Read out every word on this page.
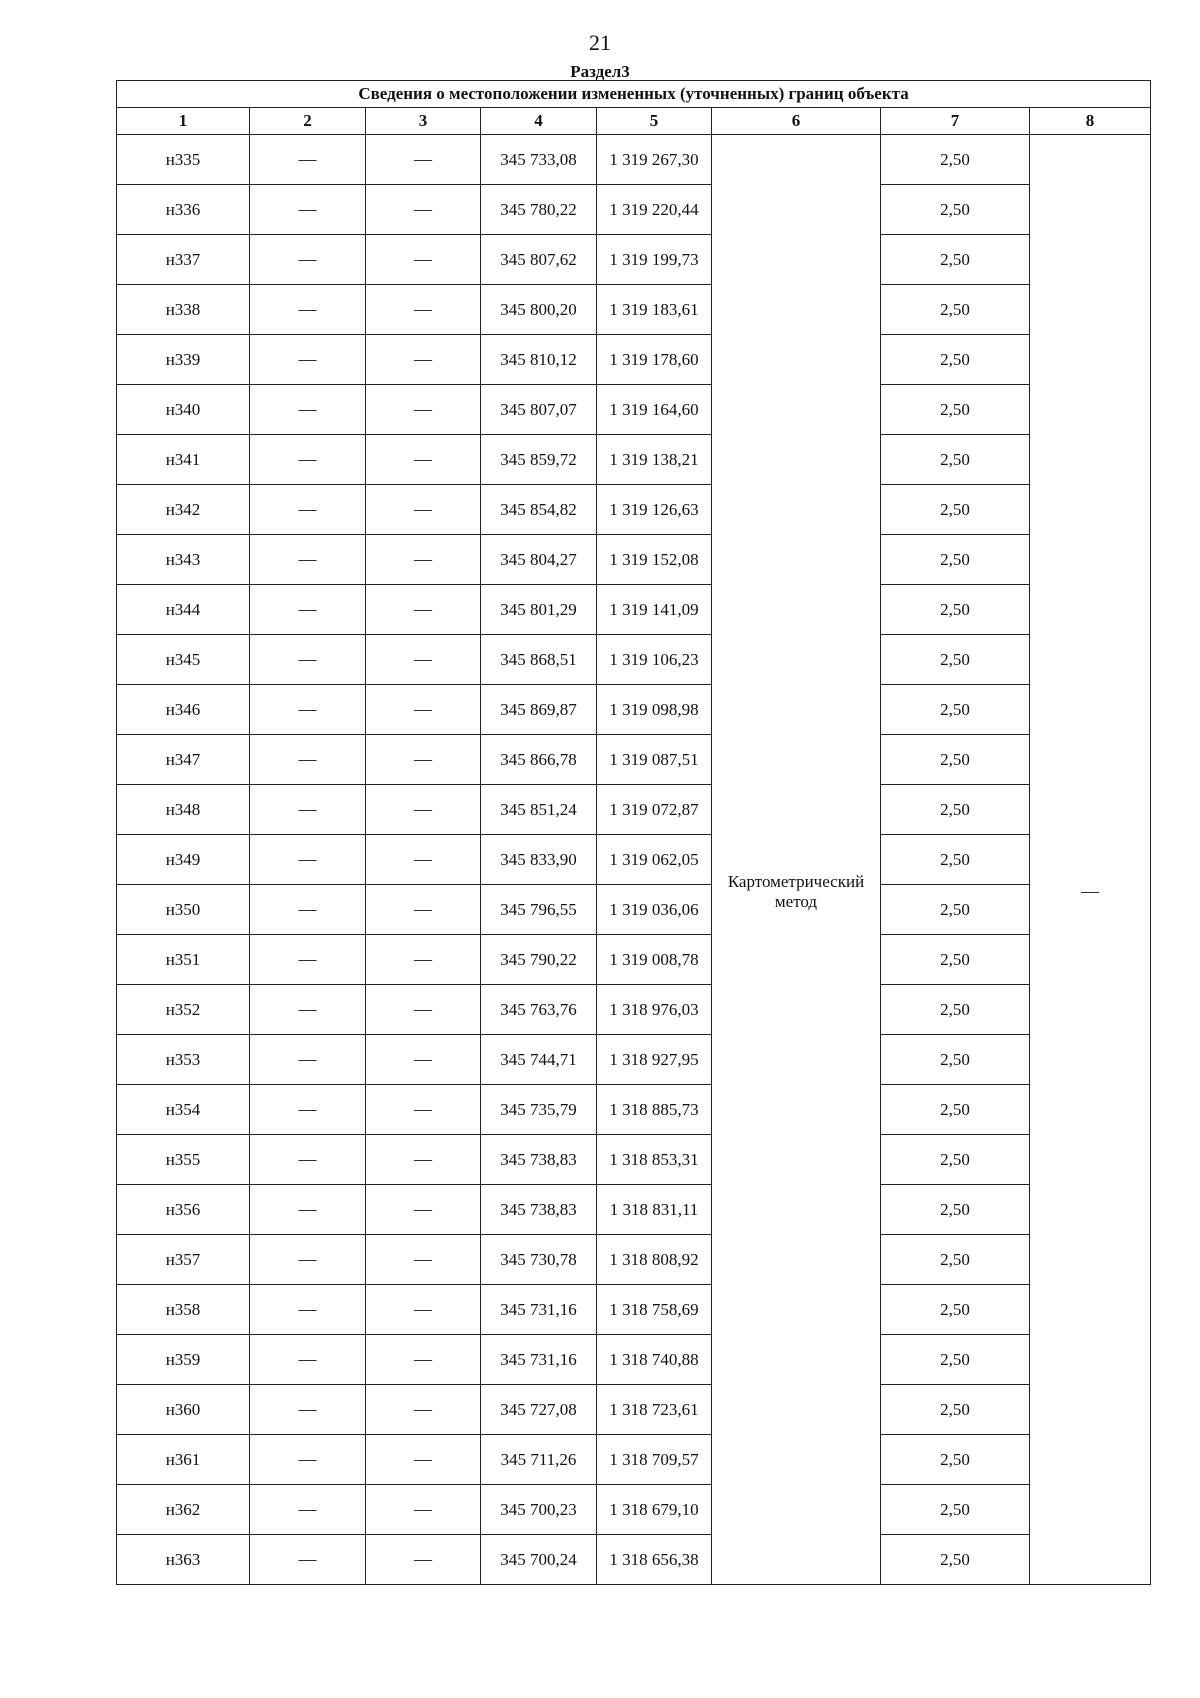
21
Раздел3
Сведения о местоположении измененных (уточненных) границ объекта							
1	2	3	4	5	6	7	8
н335	—	—	345 733,08	1 319 267,30	Картометрический метод	2,50	—
н336	—	—	345 780,22	1 319 220,44		2,50	
н337	—	—	345 807,62	1 319 199,73		2,50	
н338	—	—	345 800,20	1 319 183,61		2,50	
н339	—	—	345 810,12	1 319 178,60		2,50	
н340	—	—	345 807,07	1 319 164,60		2,50	
н341	—	—	345 859,72	1 319 138,21		2,50	
н342	—	—	345 854,82	1 319 126,63		2,50	
н343	—	—	345 804,27	1 319 152,08		2,50	
н344	—	—	345 801,29	1 319 141,09		2,50	
н345	—	—	345 868,51	1 319 106,23		2,50	
н346	—	—	345 869,87	1 319 098,98		2,50	
н347	—	—	345 866,78	1 319 087,51		2,50	
н348	—	—	345 851,24	1 319 072,87		2,50	
н349	—	—	345 833,90	1 319 062,05		2,50	
н350	—	—	345 796,55	1 319 036,06		2,50	
н351	—	—	345 790,22	1 319 008,78		2,50	
н352	—	—	345 763,76	1 318 976,03		2,50	
н353	—	—	345 744,71	1 318 927,95		2,50	
н354	—	—	345 735,79	1 318 885,73		2,50	
н355	—	—	345 738,83	1 318 853,31		2,50	
н356	—	—	345 738,83	1 318 831,11		2,50	
н357	—	—	345 730,78	1 318 808,92		2,50	
н358	—	—	345 731,16	1 318 758,69		2,50	
н359	—	—	345 731,16	1 318 740,88		2,50	
н360	—	—	345 727,08	1 318 723,61		2,50	
н361	—	—	345 711,26	1 318 709,57		2,50	
н362	—	—	345 700,23	1 318 679,10		2,50	
н363	—	—	345 700,24	1 318 656,38		2,50	
